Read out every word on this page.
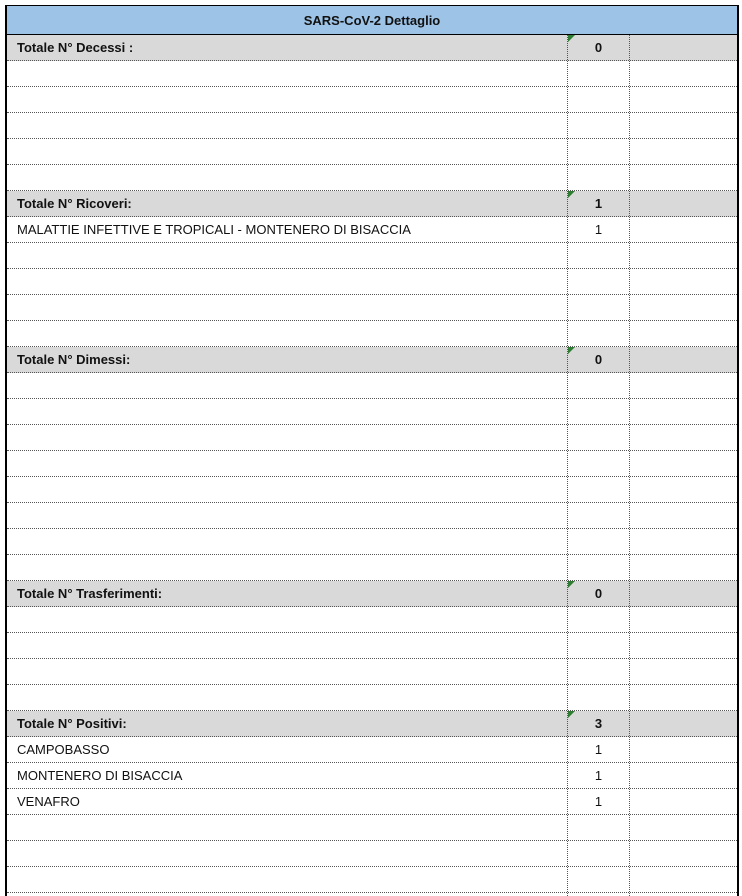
SARS-CoV-2 Dettaglio
Totale N° Decessi :	0
Totale N° Ricoveri:	1
MALATTIE INFETTIVE E TROPICALI - MONTENERO DI BISACCIA	1
Totale N° Dimessi:	0
Totale N° Trasferimenti:	0
Totale N° Positivi:	3
CAMPOBASSO	1
MONTENERO DI BISACCIA	1
VENAFRO	1
